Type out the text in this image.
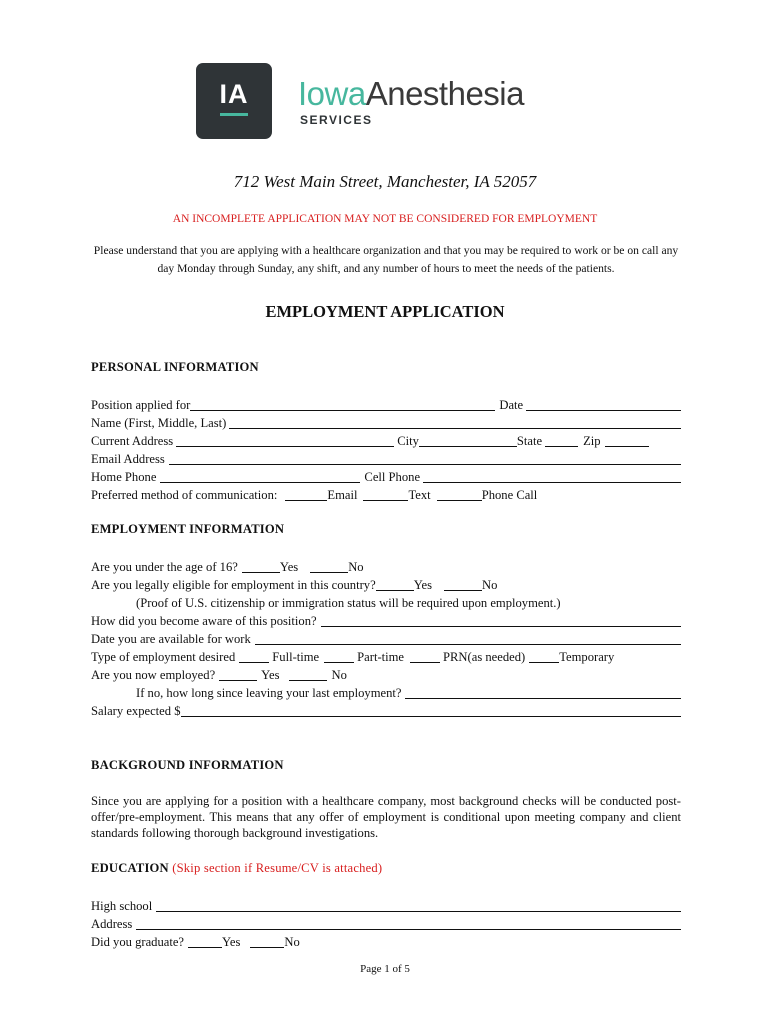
IA	IowaAnesthesia
SERVICES
712 West Main Street, Manchester, IA 52057
AN INCOMPLETE APPLICATION MAY NOT BE CONSIDERED FOR EMPLOYMENT
Please understand that you are applying with a healthcare organization and that you may be required to work or be on call any day Monday through Sunday, any shift, and any number of hours to meet the needs of the patients.
EMPLOYMENT APPLICATION
PERSONAL INFORMATION
Position applied for	Date
Name (First, Middle, Last)
Current Address	City	State	Zip
Email Address
Home Phone	Cell Phone
Preferred method of communication:	Email	Text	Phone Call
EMPLOYMENT INFORMATION
Are you under the age of 16?	Yes	No
Are you legally eligible for employment in this country?	Yes	No
(Proof of U.S. citizenship or immigration status will be required upon employment.)
How did you become aware of this position?
Date you are available for work
Type of employment desired	Full-time	Part-time	PRN(as needed)	Temporary
Are you now employed?	Yes	No
If no, how long since leaving your last employment?
Salary expected $
BACKGROUND INFORMATION
Since you are applying for a position with a healthcare company, most background checks will be conducted post-offer/pre-employment. This means that any offer of employment is conditional upon meeting company and client standards following thorough background investigations.
EDUCATION (Skip section if Resume/CV is attached)
High school
Address
Did you graduate?	Yes	No
Page 1 of 5
